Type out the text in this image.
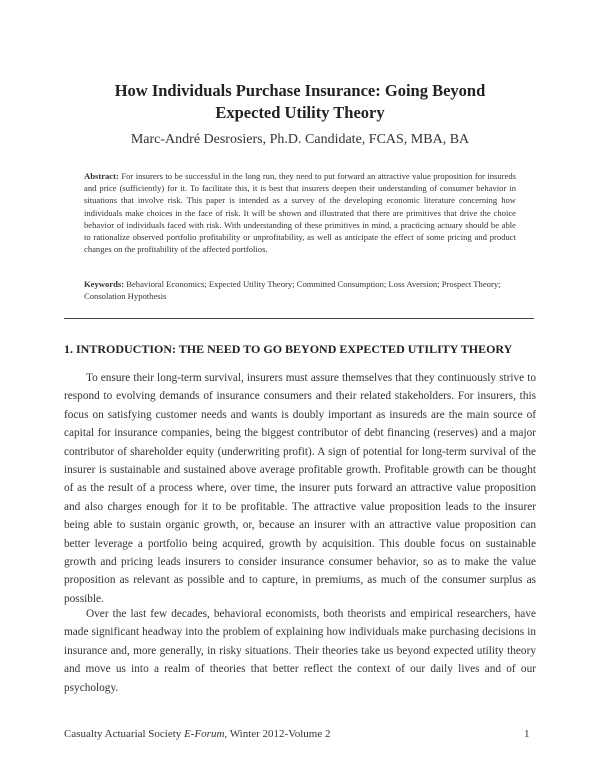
How Individuals Purchase Insurance: Going Beyond
Expected Utility Theory
Marc-André Desrosiers, Ph.D. Candidate, FCAS, MBA, BA
Abstract: For insurers to be successful in the long run, they need to put forward an attractive value proposition for insureds and price (sufficiently) for it. To facilitate this, it is best that insurers deepen their understanding of consumer behavior in situations that involve risk. This paper is intended as a survey of the developing economic literature concerning how individuals make choices in the face of risk. It will be shown and illustrated that there are primitives that drive the choice behavior of individuals faced with risk. With understanding of these primitives in mind, a practicing actuary should be able to rationalize observed portfolio profitability or unprofitability, as well as anticipate the effect of some pricing and product changes on the profitability of the affected portfolios.
Keywords: Behavioral Economics; Expected Utility Theory; Committed Consumption; Loss Aversion; Prospect Theory; Consolation Hypothesis
1. INTRODUCTION: THE NEED TO GO BEYOND EXPECTED UTILITY THEORY

To ensure their long-term survival, insurers must assure themselves that they continuously strive to respond to evolving demands of insurance consumers and their related stakeholders. For insurers, this focus on satisfying customer needs and wants is doubly important as insureds are the main source of capital for insurance companies, being the biggest contributor of debt financing (reserves) and a major contributor of shareholder equity (underwriting profit). A sign of potential for long-term survival of the insurer is sustainable and sustained above average profitable growth. Profitable growth can be thought of as the result of a process where, over time, the insurer puts forward an attractive value proposition and also charges enough for it to be profitable. The attractive value proposition leads to the insurer being able to sustain organic growth, or, because an insurer with an attractive value proposition can better leverage a portfolio being acquired, growth by acquisition. This double focus on sustainable growth and pricing leads insurers to consider insurance consumer behavior, so as to make the value proposition as relevant as possible and to capture, in premiums, as much of the consumer surplus as possible.

Over the last few decades, behavioral economists, both theorists and empirical researchers, have made significant headway into the problem of explaining how individuals make purchasing decisions in insurance and, more generally, in risky situations. Their theories take us beyond expected utility theory and move us into a realm of theories that better reflect the context of our daily lives and of our psychology.

Casualty Actuarial Society E-Forum, Winter 2012-Volume 2	1
